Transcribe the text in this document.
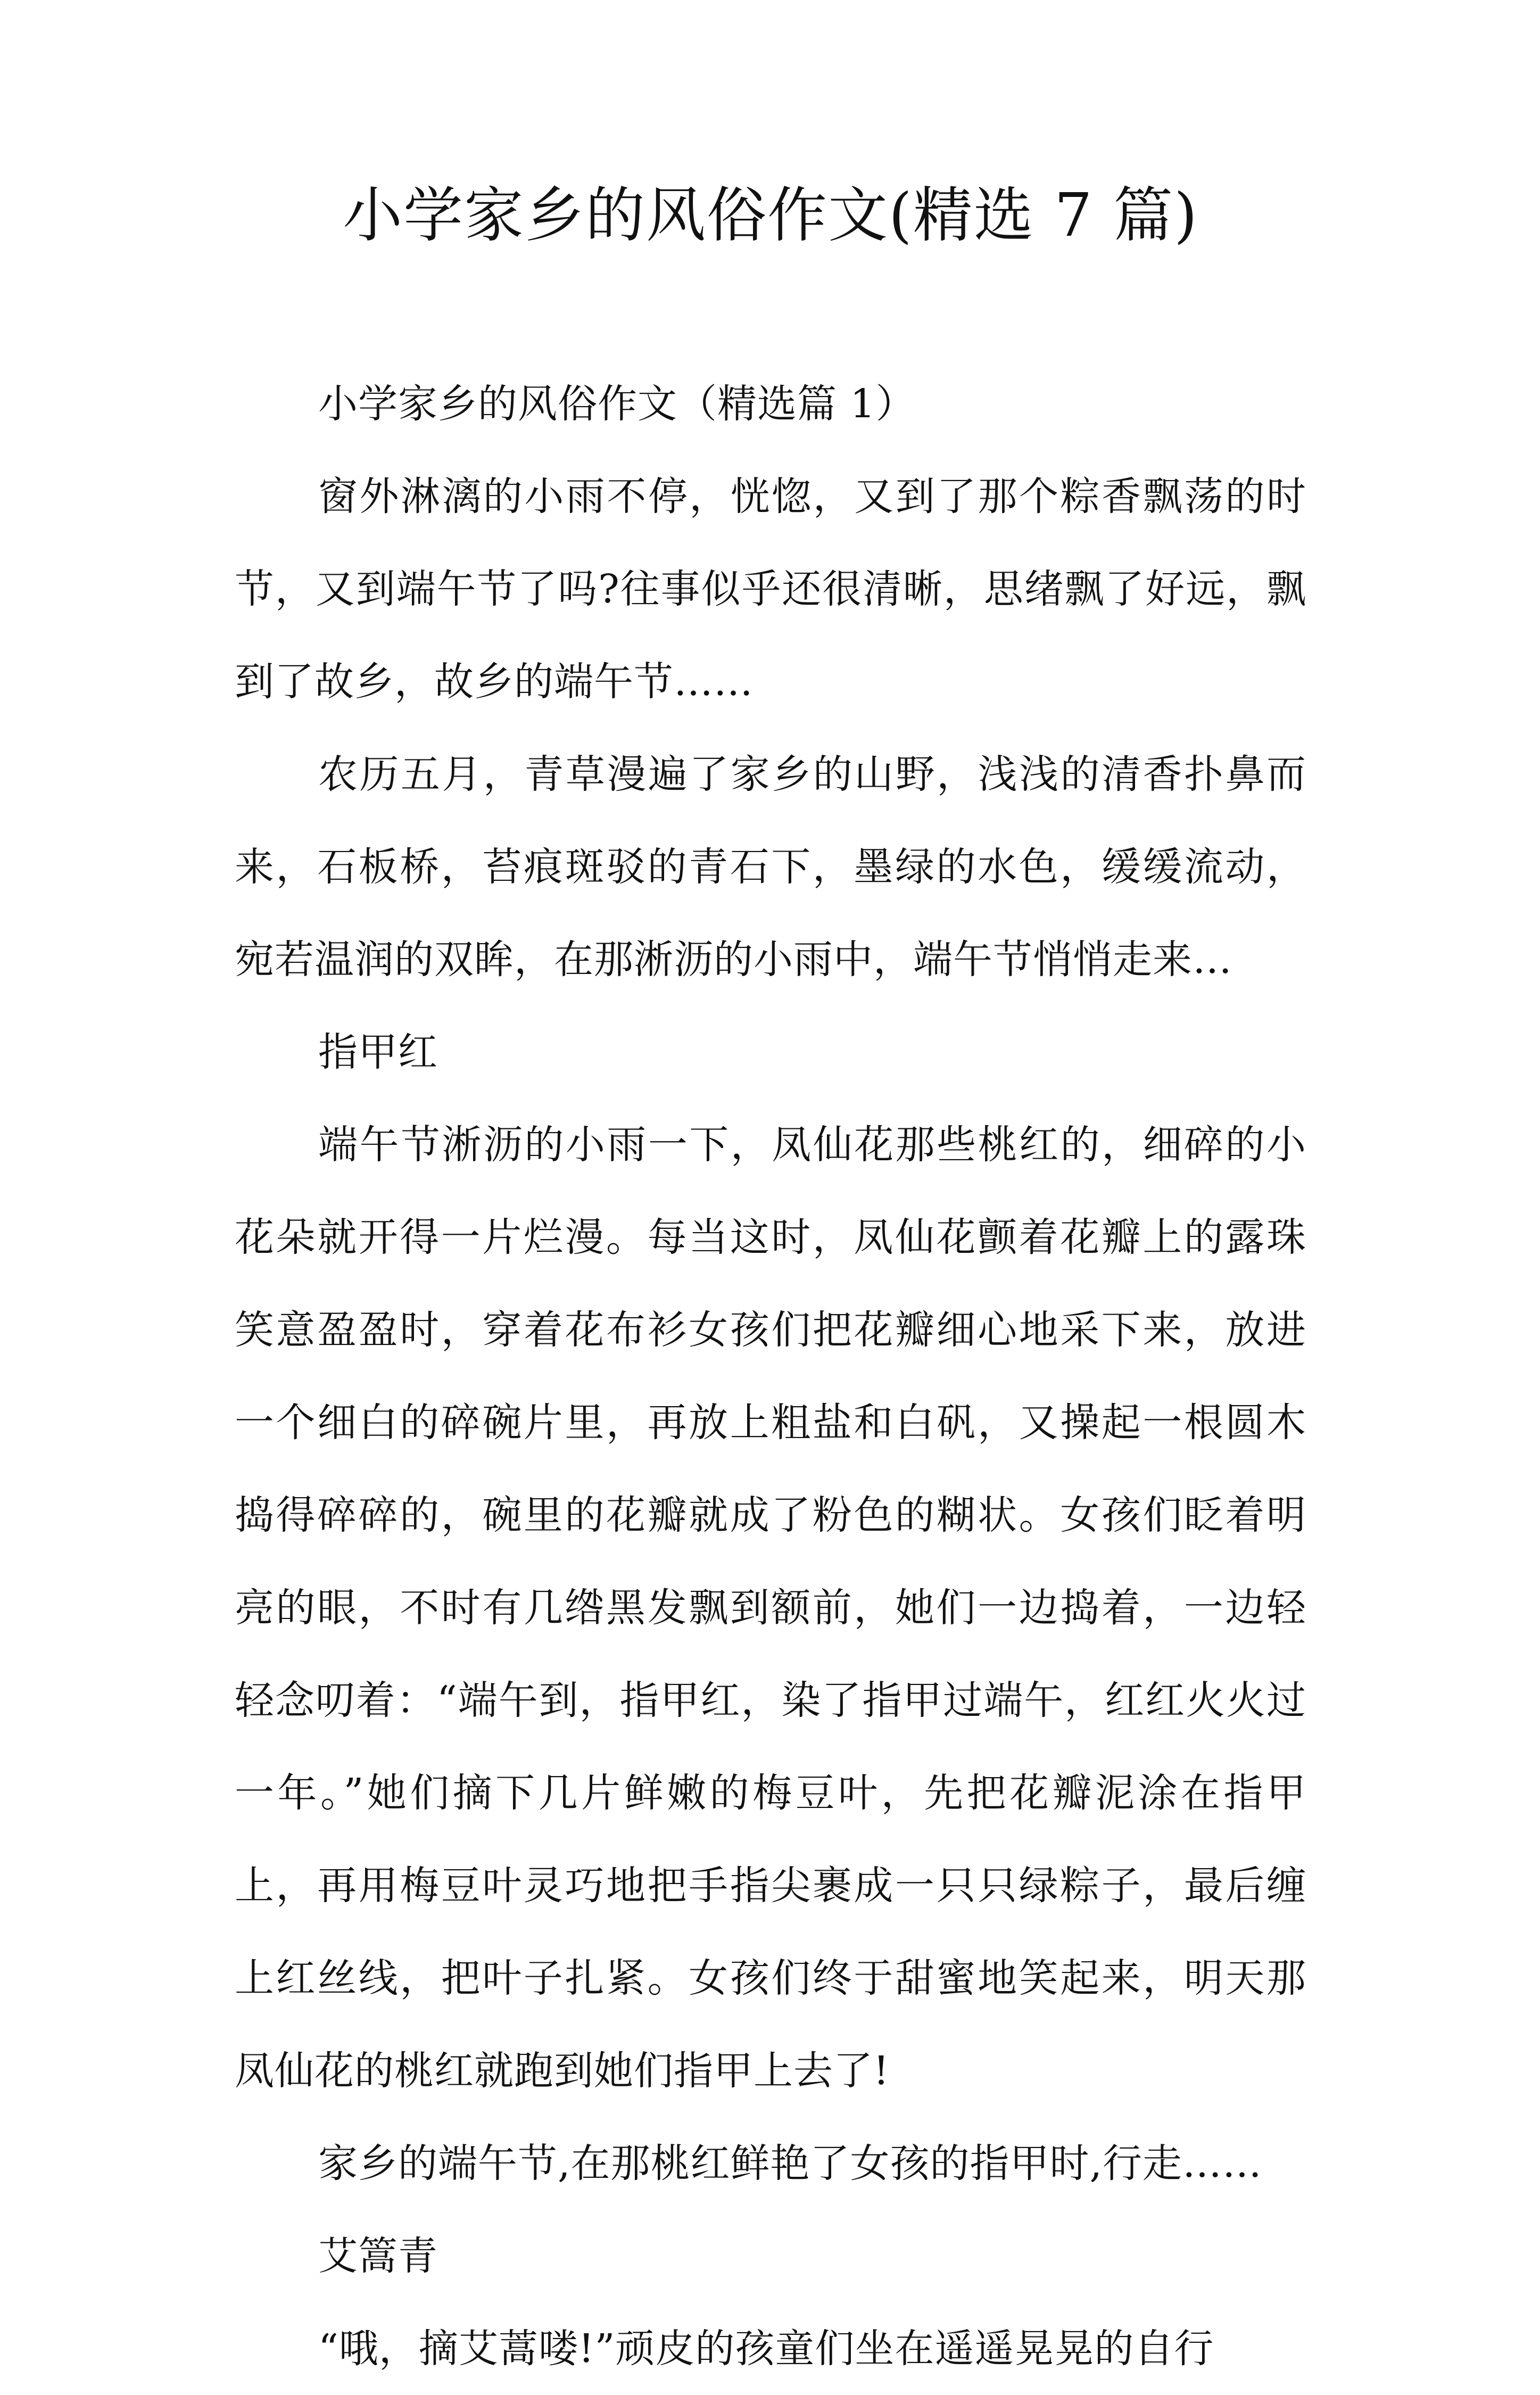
小学家乡的风俗作文(精选 7 篇)

小学家乡的风俗作文（精选篇 1）

窗外淋漓的小雨不停，恍惚，又到了那个粽香飘荡的时节，又到端午节了吗?往事似乎还很清晰，思绪飘了好远，飘到了故乡，故乡的端午节……

农历五月，青草漫遍了家乡的山野，浅浅的清香扑鼻而来，石板桥，苔痕斑驳的青石下，墨绿的水色，缓缓流动，宛若温润的双眸，在那淅沥的小雨中，端午节悄悄走来…

指甲红

端午节淅沥的小雨一下，凤仙花那些桃红的，细碎的小花朵就开得一片烂漫。每当这时，凤仙花颤着花瓣上的露珠笑意盈盈时，穿着花布衫女孩们把花瓣细心地采下来，放进一个细白的碎碗片里，再放上粗盐和白矾，又操起一根圆木捣得碎碎的，碗里的花瓣就成了粉色的糊状。女孩们眨着明亮的眼，不时有几绺黑发飘到额前，她们一边捣着，一边轻轻念叨着：“端午到，指甲红，染了指甲过端午，红红火火过一年。”她们摘下几片鲜嫩的梅豆叶，先把花瓣泥涂在指甲上，再用梅豆叶灵巧地把手指尖裹成一只只绿粽子，最后缠上红丝线，把叶子扎紧。女孩们终于甜蜜地笑起来，明天那凤仙花的桃红就跑到她们指甲上去了!

家乡的端午节,在那桃红鲜艳了女孩的指甲时,行走……

艾篙青

“哦，摘艾蒿喽!”顽皮的孩童们坐在遥遥晃晃的自行
